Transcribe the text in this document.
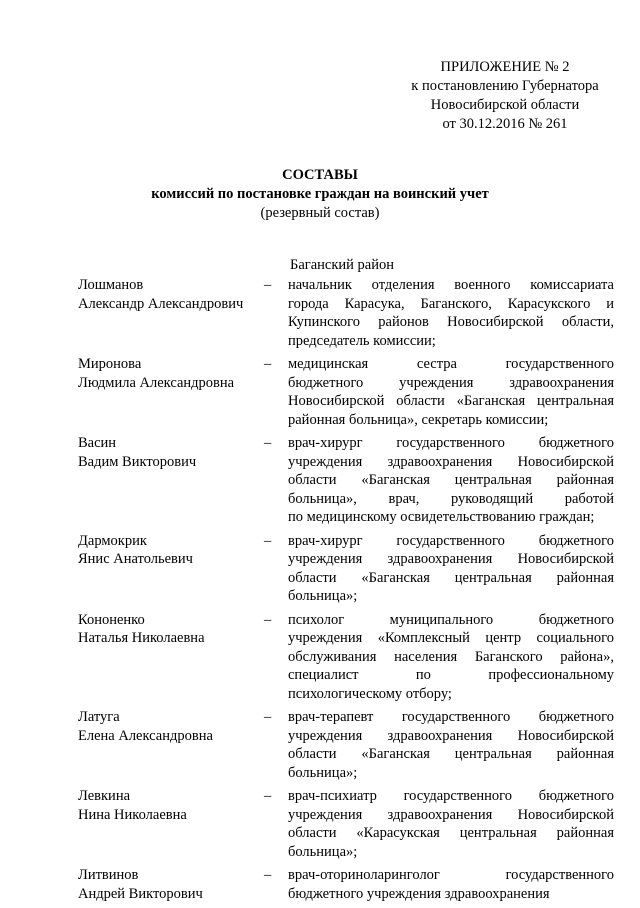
ПРИЛОЖЕНИЕ № 2
к постановлению Губернатора
Новосибирской области
от 30.12.2016 № 261
СОСТАВЫ
комиссий по постановке граждан на воинский учет
(резервный состав)
Баганский район
Лошманов
Александр Александрович
–	начальник отделения военного комиссариата
города Карасука, Баганского, Карасукского и
Купинского районов Новосибирской области,
председатель комиссии;
Миронова
Людмила Александровна
–	медицинская сестра государственного
бюджетного учреждения здравоохранения
Новосибирской области «Баганская центральная
районная больница», секретарь комиссии;
Васин
Вадим Викторович
–	врач-хирург государственного бюджетного
учреждения здравоохранения Новосибирской
области «Баганская центральная районная
больница», врач, руководящий работой
по медицинскому освидетельствованию граждан;
Дармокрик
Янис Анатольевич
–	врач-хирург государственного бюджетного
учреждения здравоохранения Новосибирской
области «Баганская центральная районная
больница»;
Кононенко
Наталья Николаевна
–	психолог муниципального бюджетного
учреждения «Комплексный центр социального
обслуживания населения Баганского района»,
специалист по профессиональному
психологическому отбору;
Латуга
Елена Александровна
–	врач-терапевт государственного бюджетного
учреждения здравоохранения Новосибирской
области «Баганская центральная районная
больница»;
Левкина
Нина Николаевна
–	врач-психиатр государственного бюджетного
учреждения здравоохранения Новосибирской
области «Карасукская центральная районная
больница»;
Литвинов
Андрей Викторович
–	врач-оториноларинголог государственного
бюджетного учреждения здравоохранения
